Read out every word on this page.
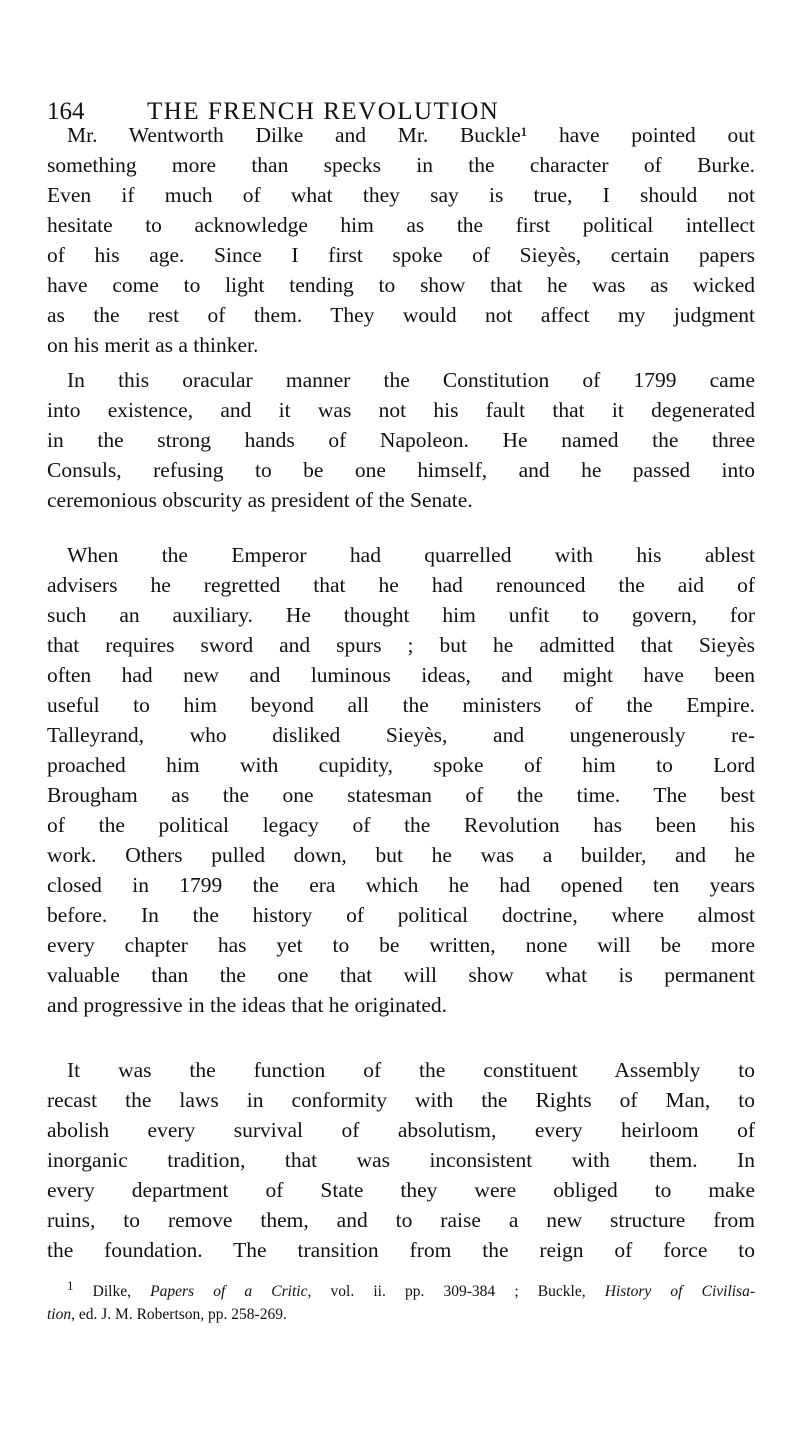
164	THE FRENCH REVOLUTION
Mr. Wentworth Dilke and Mr. Buckle¹ have pointed out
something more than specks in the character of Burke.
Even if much of what they say is true, I should not
hesitate to acknowledge him as the first political intellect
of his age. Since I first spoke of Sieyès, certain papers
have come to light tending to show that he was as wicked
as the rest of them. They would not affect my judgment
on his merit as a thinker.
In this oracular manner the Constitution of 1799 came
into existence, and it was not his fault that it degenerated
in the strong hands of Napoleon. He named the three
Consuls, refusing to be one himself, and he passed into
ceremonious obscurity as president of the Senate.
When the Emperor had quarrelled with his ablest
advisers he regretted that he had renounced the aid of
such an auxiliary. He thought him unfit to govern, for
that requires sword and spurs ; but he admitted that Sieyès
often had new and luminous ideas, and might have been
useful to him beyond all the ministers of the Empire.
Talleyrand, who disliked Sieyès, and ungenerously re-
proached him with cupidity, spoke of him to Lord
Brougham as the one statesman of the time. The best
of the political legacy of the Revolution has been his
work. Others pulled down, but he was a builder, and he
closed in 1799 the era which he had opened ten years
before. In the history of political doctrine, where almost
every chapter has yet to be written, none will be more
valuable than the one that will show what is permanent
and progressive in the ideas that he originated.
It was the function of the constituent Assembly to
recast the laws in conformity with the Rights of Man, to
abolish every survival of absolutism, every heirloom of
inorganic tradition, that was inconsistent with them. In
every department of State they were obliged to make
ruins, to remove them, and to raise a new structure from
the foundation. The transition from the reign of force to
$^1$ Dilke, Papers of a Critic, vol. ii. pp. 309-384 ; Buckle, History of Civilisa-
tion, ed. J. M. Robertson, pp. 258-269.
